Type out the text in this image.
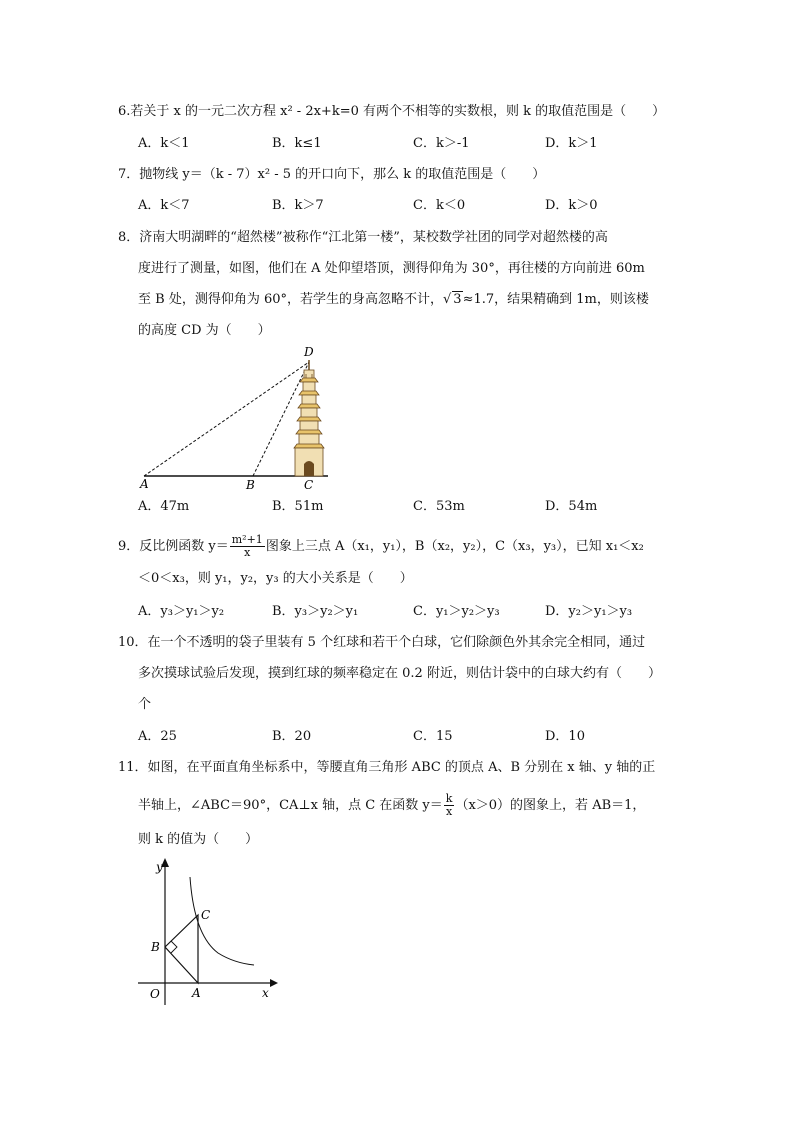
6.若关于 x 的一元二次方程 x² - 2x+k=0 有两个不相等的实数根，则 k 的取值范围是（　　）
A．k＜1	B．k≤1	C．k＞-1	D．k＞1
7．抛物线 y＝（k - 7）x² - 5 的开口向下，那么 k 的取值范围是（　　）
A．k＜7	B．k＞7	C．k＜0	D．k＞0
8．济南大明湖畔的“超然楼”被称作“江北第一楼”，某校数学社团的同学对超然楼的高
度进行了测量，如图，他们在 A 处仰望塔顶，测得仰角为 30°，再往楼的方向前进 60m
至 B 处，测得仰角为 60°，若学生的身高忽略不计，√ 3≈1.7，结果精确到 1m，则该楼
的高度 CD 为（　　）
A	B	C
D
A．47m	B．51m	C．53m	D．54m
9．反比例函数 $y= \frac{\text{m²+1}}{x}$ 图象上三点 A（x₁，y₁），B（x₂，y₂），C（x₃，y₃），已知 x₁＜x₂
＜0＜x₃，则 y₁，y₂，y₃ 的大小关系是（　　）
A．y₃＞y₁＞y₂	B．y₃＞y₂＞y₁	C．y₁＞y₂＞y₃	D．y₂＞y₁＞y₃
10．在一个不透明的袋子里装有 5 个红球和若干个白球，它们除颜色外其余完全相同，通过
多次摸球试验后发现，摸到红球的频率稳定在 0.2 附近，则估计袋中的白球大约有（　　）
个
A．25	B．20	C．15	D．10
11．如图，在平面直角坐标系中，等腰直角三角形 ABC 的顶点 A、B 分别在 x 轴、y 轴的正
半轴上，∠ABC＝90°，CA⊥x 轴，点 C 在函数 $y= \frac{k}{x} (x>0)$的图象上，若 AB＝1，
则 k 的值为（　　）
y
x
O	A
B
C
